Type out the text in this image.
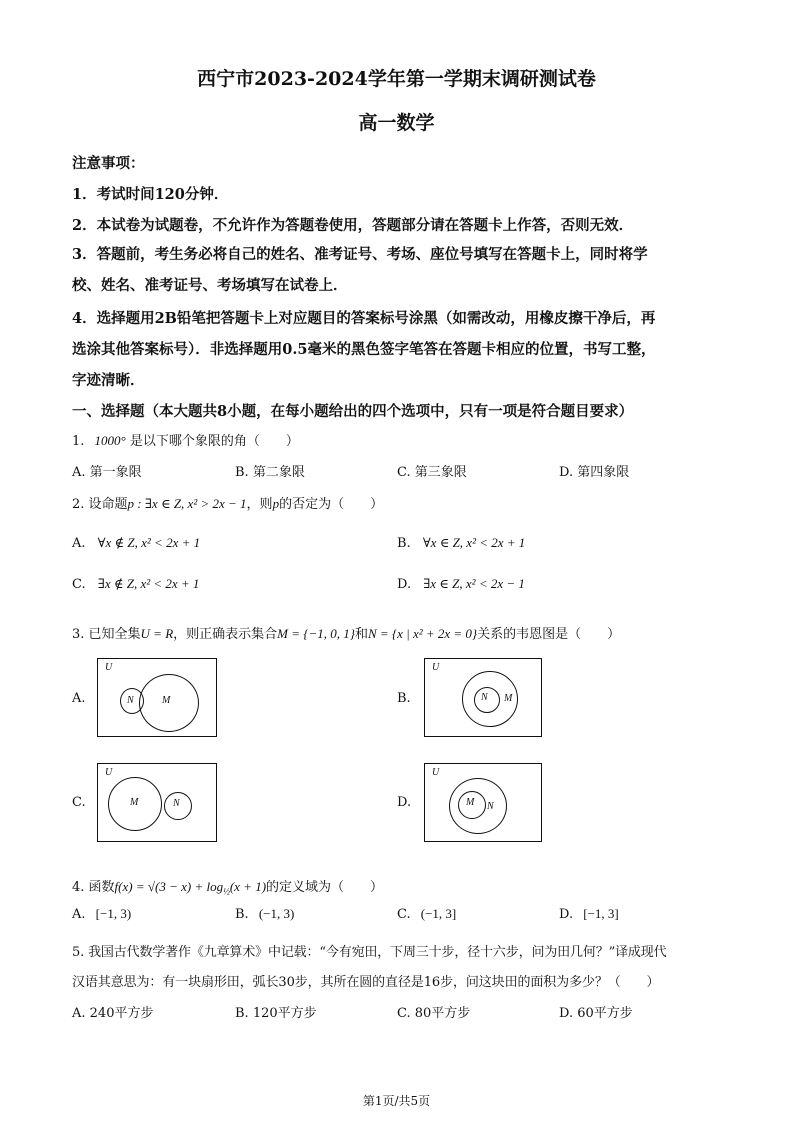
西宁市2023-2024学年第一学期末调研测试卷
高一数学
注意事项：
1．考试时间120分钟．
2．本试卷为试题卷，不允许作为答题卷使用，答题部分请在答题卡上作答，否则无效．
3．答题前，考生务必将自己的姓名、准考证号、考场、座位号填写在答题卡上，同时将学
校、姓名、准考证号、考场填写在试卷上．
4．选择题用2B铅笔把答题卡上对应题目的答案标号涂黑（如需改动，用橡皮擦干净后，再
选涂其他答案标号）．非选择题用0.5毫米的黑色签字笔答在答题卡相应的位置，书写工整，
字迹清晰．
一、选择题（本大题共8小题，在每小题给出的四个选项中，只有一项是符合题目要求）
1. 1000° 是以下哪个象限的角（　　）
A. 第一象限	B. 第二象限	C. 第三象限	D. 第四象限
2. 设命题p : ∃x ∈ Z, x² > 2x − 1，则p的否定为（　　）
A. ∀x ∉ Z, x² < 2x + 1	B. ∀x ∈ Z, x² < 2x + 1
C. ∃x ∉ Z, x² < 2x + 1	D. ∃x ∈ Z, x² < 2x − 1
3. 已知全集U = R，则正确表示集合M = {−1, 0, 1}和N = {x | x² + 2x = 0}关系的韦恩图是（　　）
A.
U
M
N	B.
U
M
N
C.
U
M	N	D.
U
M N
4. 函数$f(x) = √(3 - x) + \log_{\frac{1}{2}}(x + 1)$的定义域为（　　）
A. [−1, 3)	B. (−1, 3)	C. (−1, 3]	D. [−1, 3]
5. 我国古代数学著作《九章算术》中记载：“今有宛田，下周三十步，径十六步，问为田几何？”译成现代
汉语其意思为：有一块扇形田，弧长30步，其所在圆的直径是16步，问这块田的面积为多少？（　　）
A. 240平方步	B. 120平方步	C. 80平方步	D. 60平方步
第1页/共5页
